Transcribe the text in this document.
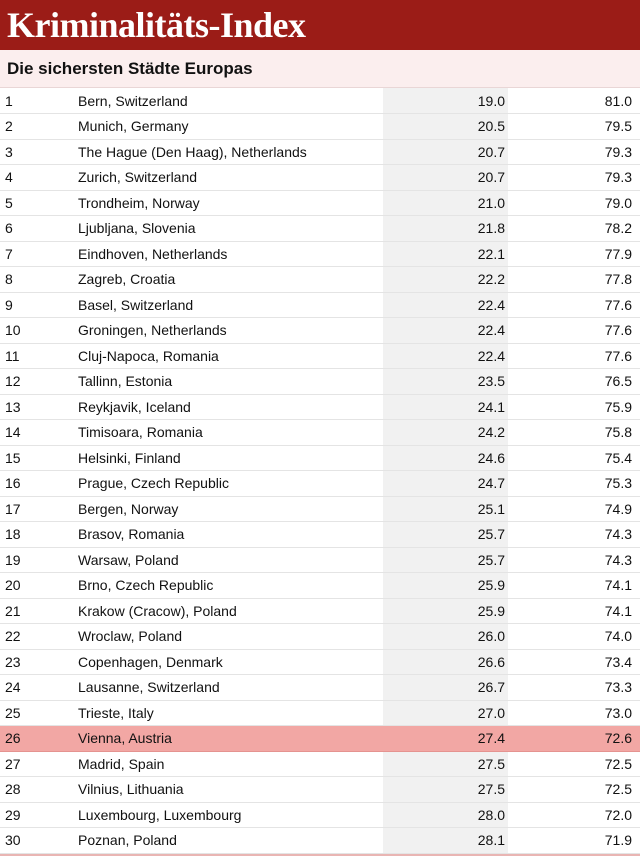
Kriminalitäts-Index
Die sichersten Städte Europas
1	Bern, Switzerland	19.0	81.0
2	Munich, Germany	20.5	79.5
3	The Hague (Den Haag), Netherlands	20.7	79.3
4	Zurich, Switzerland	20.7	79.3
5	Trondheim, Norway	21.0	79.0
6	Ljubljana, Slovenia	21.8	78.2
7	Eindhoven, Netherlands	22.1	77.9
8	Zagreb, Croatia	22.2	77.8
9	Basel, Switzerland	22.4	77.6
10	Groningen, Netherlands	22.4	77.6
11	Cluj-Napoca, Romania	22.4	77.6
12	Tallinn, Estonia	23.5	76.5
13	Reykjavik, Iceland	24.1	75.9
14	Timisoara, Romania	24.2	75.8
15	Helsinki, Finland	24.6	75.4
16	Prague, Czech Republic	24.7	75.3
17	Bergen, Norway	25.1	74.9
18	Brasov, Romania	25.7	74.3
19	Warsaw, Poland	25.7	74.3
20	Brno, Czech Republic	25.9	74.1
21	Krakow (Cracow), Poland	25.9	74.1
22	Wroclaw, Poland	26.0	74.0
23	Copenhagen, Denmark	26.6	73.4
24	Lausanne, Switzerland	26.7	73.3
25	Trieste, Italy	27.0	73.0
26	Vienna, Austria	27.4	72.6
27	Madrid, Spain	27.5	72.5
28	Vilnius, Lithuania	27.5	72.5
29	Luxembourg, Luxembourg	28.0	72.0
30	Poznan, Poland	28.1	71.9
